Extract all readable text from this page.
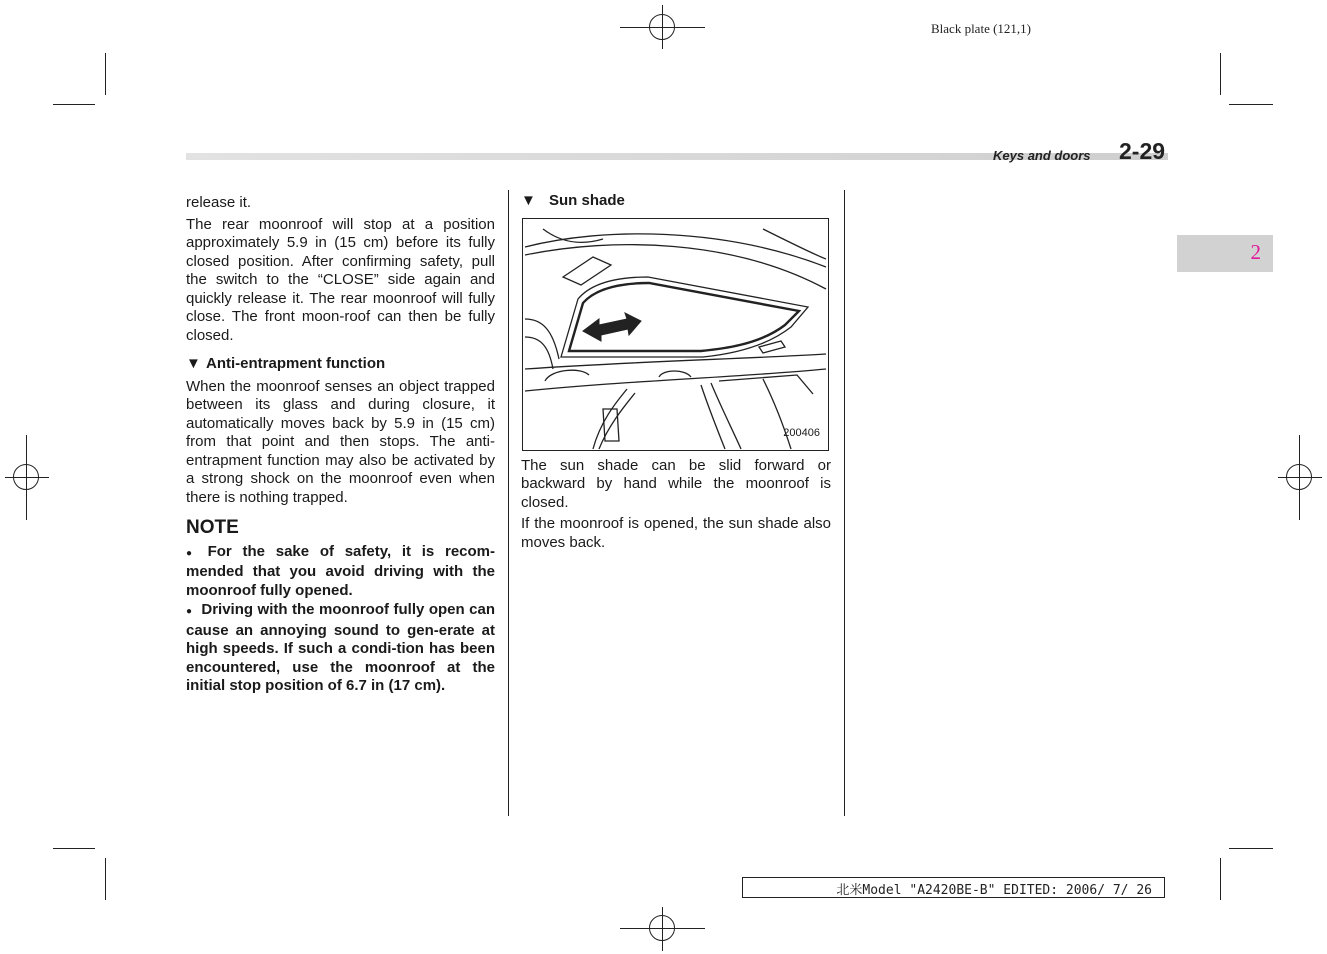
Black plate (121,1)
Keys and doors 2-29
2

release it.

The rear moonroof will stop at a position approximately 5.9 in (15 cm) before its fully closed position. After confirming safety, pull the switch to the “CLOSE” side again and quickly release it. The rear moonroof will fully close. The front moon-roof can then be fully closed.

▼ Anti-entrapment function

When the moonroof senses an object trapped between its glass and during closure, it automatically moves back by 5.9 in (15 cm) from that point and then stops. The anti-entrapment function may also be activated by a strong shock on the moonroof even when there is nothing trapped.

NOTE

● For the sake of safety, it is recom-mended that you avoid driving with the moonroof fully opened.

● Driving with the moonroof fully open can cause an annoying sound to gen-erate at high speeds. If such a condi-tion has been encountered, use the moonroof at the initial stop position of 6.7 in (17 cm).

▼ Sun shade
200406

The sun shade can be slid forward or backward by hand while the moonroof is closed.

If the moonroof is opened, the sun shade also moves back.

北米Model "A2420BE-B" EDITED: 2006/ 7/ 26
